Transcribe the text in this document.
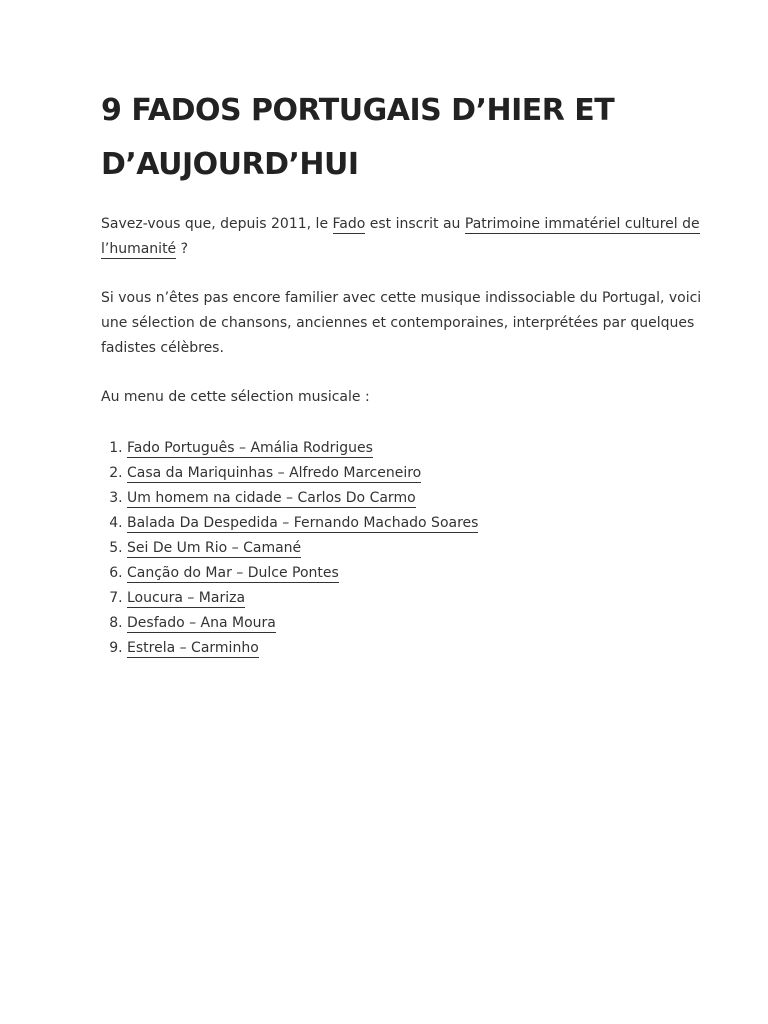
9 FADOS PORTUGAIS D’HIER ET D’AUJOURD’HUI

Savez-vous que, depuis 2011, le Fado est inscrit au Patrimoine immatériel culturel de l’humanité ?

Si vous n’êtes pas encore familier avec cette musique indissociable du Portugal, voici une sélection de chansons, anciennes et contemporaines, interprétées par quelques fadistes célèbres.

Au menu de cette sélection musicale :

1. Fado Português – Amália Rodrigues
2. Casa da Mariquinhas – Alfredo Marceneiro
3. Um homem na cidade – Carlos Do Carmo
4. Balada Da Despedida – Fernando Machado Soares
5. Sei De Um Rio – Camané
6. Canção do Mar – Dulce Pontes
7. Loucura – Mariza
8. Desfado – Ana Moura
9. Estrela – Carminho
